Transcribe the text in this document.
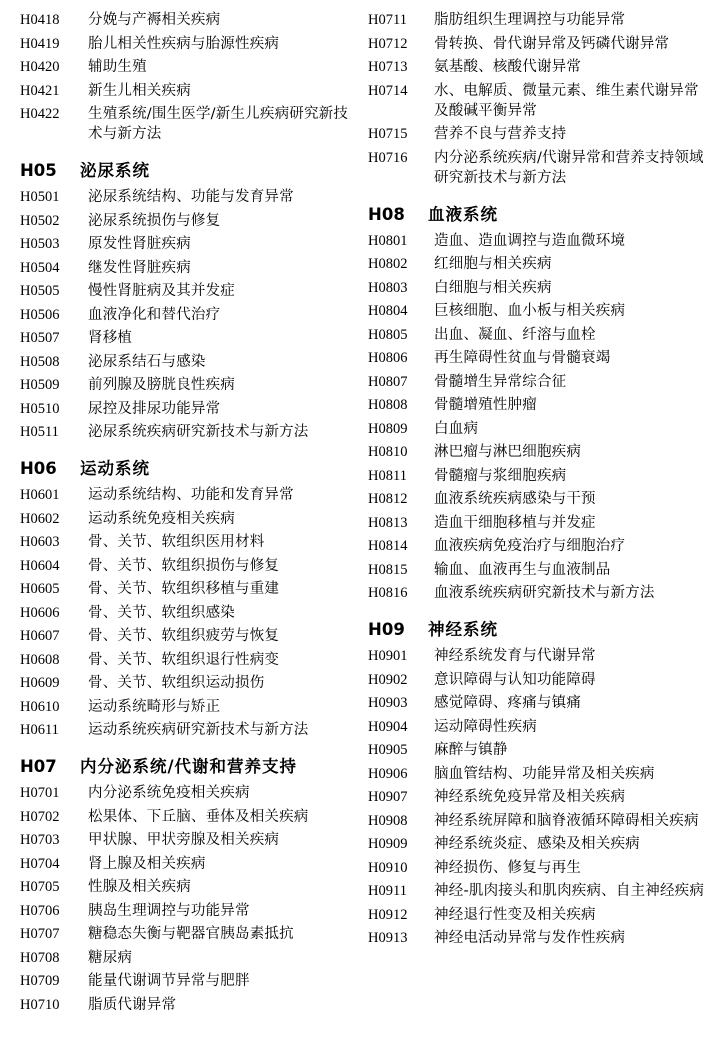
H0418	分娩与产褥相关疾病
H0419	胎儿相关性疾病与胎源性疾病
H0420	辅助生殖
H0421	新生儿相关疾病
H0422	生殖系统/围生医学/新生儿疾病研究新技术与新方法
H05	泌尿系统
H0501	泌尿系统结构、功能与发育异常
H0502	泌尿系统损伤与修复
H0503	原发性肾脏疾病
H0504	继发性肾脏疾病
H0505	慢性肾脏病及其并发症
H0506	血液净化和替代治疗
H0507	肾移植
H0508	泌尿系结石与感染
H0509	前列腺及膀胱良性疾病
H0510	尿控及排尿功能异常
H0511	泌尿系统疾病研究新技术与新方法
H06	运动系统
H0601	运动系统结构、功能和发育异常
H0602	运动系统免疫相关疾病
H0603	骨、关节、软组织医用材料
H0604	骨、关节、软组织损伤与修复
H0605	骨、关节、软组织移植与重建
H0606	骨、关节、软组织感染
H0607	骨、关节、软组织疲劳与恢复
H0608	骨、关节、软组织退行性病变
H0609	骨、关节、软组织运动损伤
H0610	运动系统畸形与矫正
H0611	运动系统疾病研究新技术与新方法
H07	内分泌系统/代谢和营养支持
H0701	内分泌系统免疫相关疾病
H0702	松果体、下丘脑、垂体及相关疾病
H0703	甲状腺、甲状旁腺及相关疾病
H0704	肾上腺及相关疾病
H0705	性腺及相关疾病
H0706	胰岛生理调控与功能异常
H0707	糖稳态失衡与靶器官胰岛素抵抗
H0708	糖尿病
H0709	能量代谢调节异常与肥胖
H0710	脂质代谢异常
H0711	脂肪组织生理调控与功能异常
H0712	骨转换、骨代谢异常及钙磷代谢异常
H0713	氨基酸、核酸代谢异常
H0714	水、电解质、微量元素、维生素代谢异常及酸碱平衡异常
H0715	营养不良与营养支持
H0716	内分泌系统疾病/代谢异常和营养支持领域研究新技术与新方法
H08	血液系统
H0801	造血、造血调控与造血微环境
H0802	红细胞与相关疾病
H0803	白细胞与相关疾病
H0804	巨核细胞、血小板与相关疾病
H0805	出血、凝血、纤溶与血栓
H0806	再生障碍性贫血与骨髓衰竭
H0807	骨髓增生异常综合征
H0808	骨髓增殖性肿瘤
H0809	白血病
H0810	淋巴瘤与淋巴细胞疾病
H0811	骨髓瘤与浆细胞疾病
H0812	血液系统疾病感染与干预
H0813	造血干细胞移植与并发症
H0814	血液疾病免疫治疗与细胞治疗
H0815	输血、血液再生与血液制品
H0816	血液系统疾病研究新技术与新方法
H09	神经系统
H0901	神经系统发育与代谢异常
H0902	意识障碍与认知功能障碍
H0903	感觉障碍、疼痛与镇痛
H0904	运动障碍性疾病
H0905	麻醉与镇静
H0906	脑血管结构、功能异常及相关疾病
H0907	神经系统免疫异常及相关疾病
H0908	神经系统屏障和脑脊液循环障碍相关疾病
H0909	神经系统炎症、感染及相关疾病
H0910	神经损伤、修复与再生
H0911	神经-肌肉接头和肌肉疾病、自主神经疾病
H0912	神经退行性变及相关疾病
H0913	神经电活动异常与发作性疾病
